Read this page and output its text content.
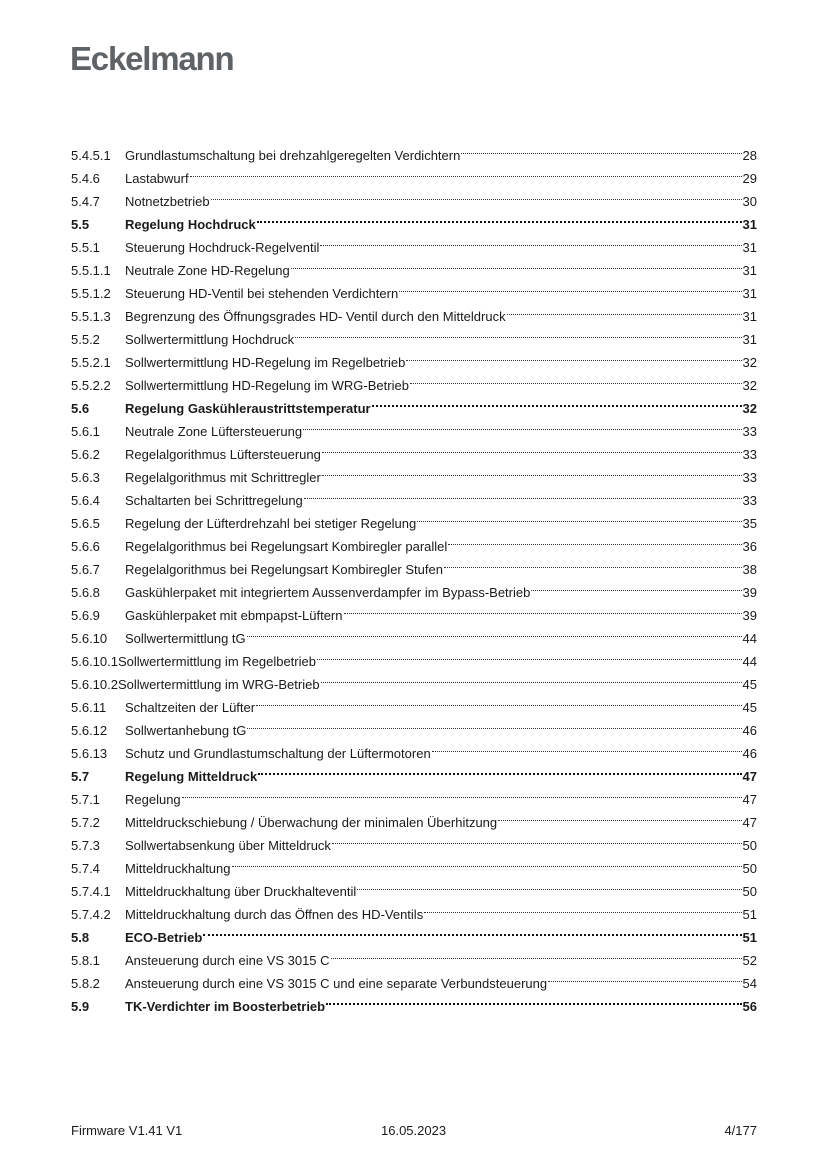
Eckelmann
5.4.5.1	Grundlastumschaltung bei drehzahlgeregelten Verdichtern	28
5.4.6	Lastabwurf	29
5.4.7	Notnetzbetrieb	30
5.5	Regelung Hochdruck	31
5.5.1	Steuerung Hochdruck-Regelventil	31
5.5.1.1	Neutrale Zone HD-Regelung	31
5.5.1.2	Steuerung HD-Ventil bei stehenden Verdichtern	31
5.5.1.3	Begrenzung des Öffnungsgrades HD- Ventil durch den Mitteldruck	31
5.5.2	Sollwertermittlung Hochdruck	31
5.5.2.1	Sollwertermittlung HD-Regelung im Regelbetrieb	32
5.5.2.2	Sollwertermittlung HD-Regelung im WRG-Betrieb	32
5.6	Regelung Gaskühleraustrittstemperatur	32
5.6.1	Neutrale Zone Lüftersteuerung	33
5.6.2	Regelalgorithmus Lüftersteuerung	33
5.6.3	Regelalgorithmus mit Schrittregler	33
5.6.4	Schaltarten bei Schrittregelung	33
5.6.5	Regelung der Lüfterdrehzahl bei stetiger Regelung	35
5.6.6	Regelalgorithmus bei Regelungsart Kombiregler parallel	36
5.6.7	Regelalgorithmus bei Regelungsart Kombiregler Stufen	38
5.6.8	Gaskühlerpaket mit integriertem Aussenverdampfer im Bypass-Betrieb	39
5.6.9	Gaskühlerpaket mit ebmpapst-Lüftern	39
5.6.10	Sollwertermittlung tG	44
5.6.10.1 Sollwertermittlung im Regelbetrieb	44
5.6.10.2 Sollwertermittlung im WRG-Betrieb	45
5.6.11	Schaltzeiten der Lüfter	45
5.6.12	Sollwertanhebung tG	46
5.6.13	Schutz und Grundlastumschaltung der Lüftermotoren	46
5.7	Regelung Mitteldruck	47
5.7.1	Regelung	47
5.7.2	Mitteldruckschiebung / Überwachung der minimalen Überhitzung	47
5.7.3	Sollwertabsenkung über Mitteldruck	50
5.7.4	Mitteldruckhaltung	50
5.7.4.1	Mitteldruckhaltung über Druckhalteventil	50
5.7.4.2	Mitteldruckhaltung durch das Öffnen des HD-Ventils	51
5.8	ECO-Betrieb	51
5.8.1	Ansteuerung durch eine VS 3015 C	52
5.8.2	Ansteuerung durch eine VS 3015 C und eine separate Verbundsteuerung	54
5.9	TK-Verdichter im Boosterbetrieb	56
Firmware V1.41 V1	16.05.2023	4/177
